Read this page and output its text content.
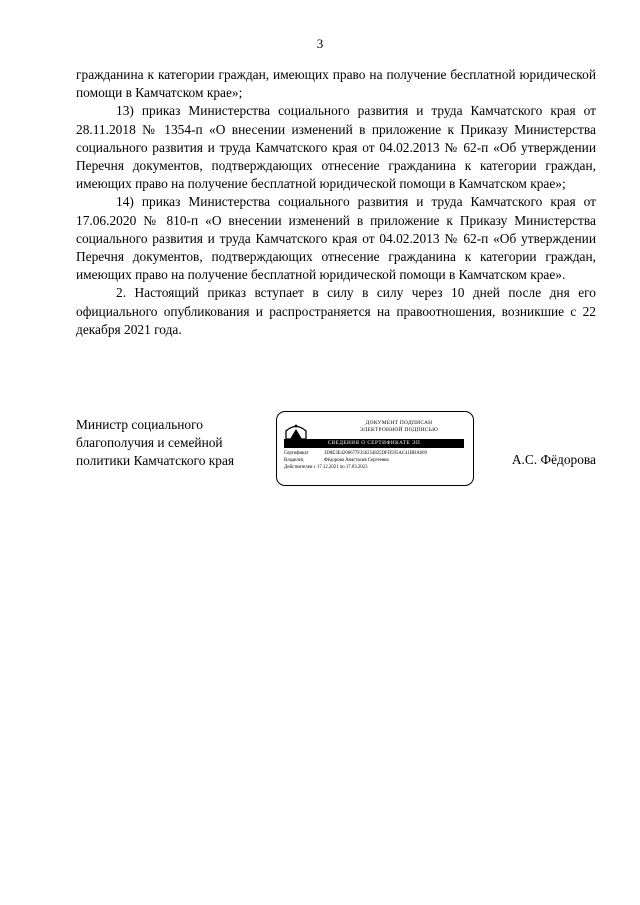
3

гражданина к категории граждан, имеющих право на получение бесплатной юридической помощи в Камчатском крае»;

13) приказ Министерства социального развития и труда Камчатского края от 28.11.2018 № 1354-п «О внесении изменений в приложение к Приказу Министерства социального развития и труда Камчатского края от 04.02.2013 № 62-п «Об утверждении Перечня документов, подтверждающих отнесение гражданина к категории граждан, имеющих право на получение бесплатной юридической помощи в Камчатском крае»;

14) приказ Министерства социального развития и труда Камчатского края от 17.06.2020 № 810-п «О внесении изменений в приложение к Приказу Министерства социального развития и труда Камчатского края от 04.02.2013 № 62-п «Об утверждении Перечня документов, подтверждающих отнесение гражданина к категории граждан, имеющих право на получение бесплатной юридической помощи в Камчатском крае».

2. Настоящий приказ вступает в силу в силу через 10 дней после дня его официального опубликования и распространяется на правоотношения, возникшие с 22 декабря 2021 года.

Министр социального
благополучия и семейной
политики Камчатского края
ДОКУМЕНТ ПОДПИСАН
ЭЛЕКТРОННОЙ ПОДПИСЬЮ
СВЕДЕНИЯ О СЕРТИФИКАТЕ ЭП
Сертификат	3D8E3E4206677F356254825DFD595AC41BBA669
Владелец	Фёдорова Анастасия Сергеевна
Действителен с
17.12.2021 по 17.03.2023
А.С. Фёдорова
